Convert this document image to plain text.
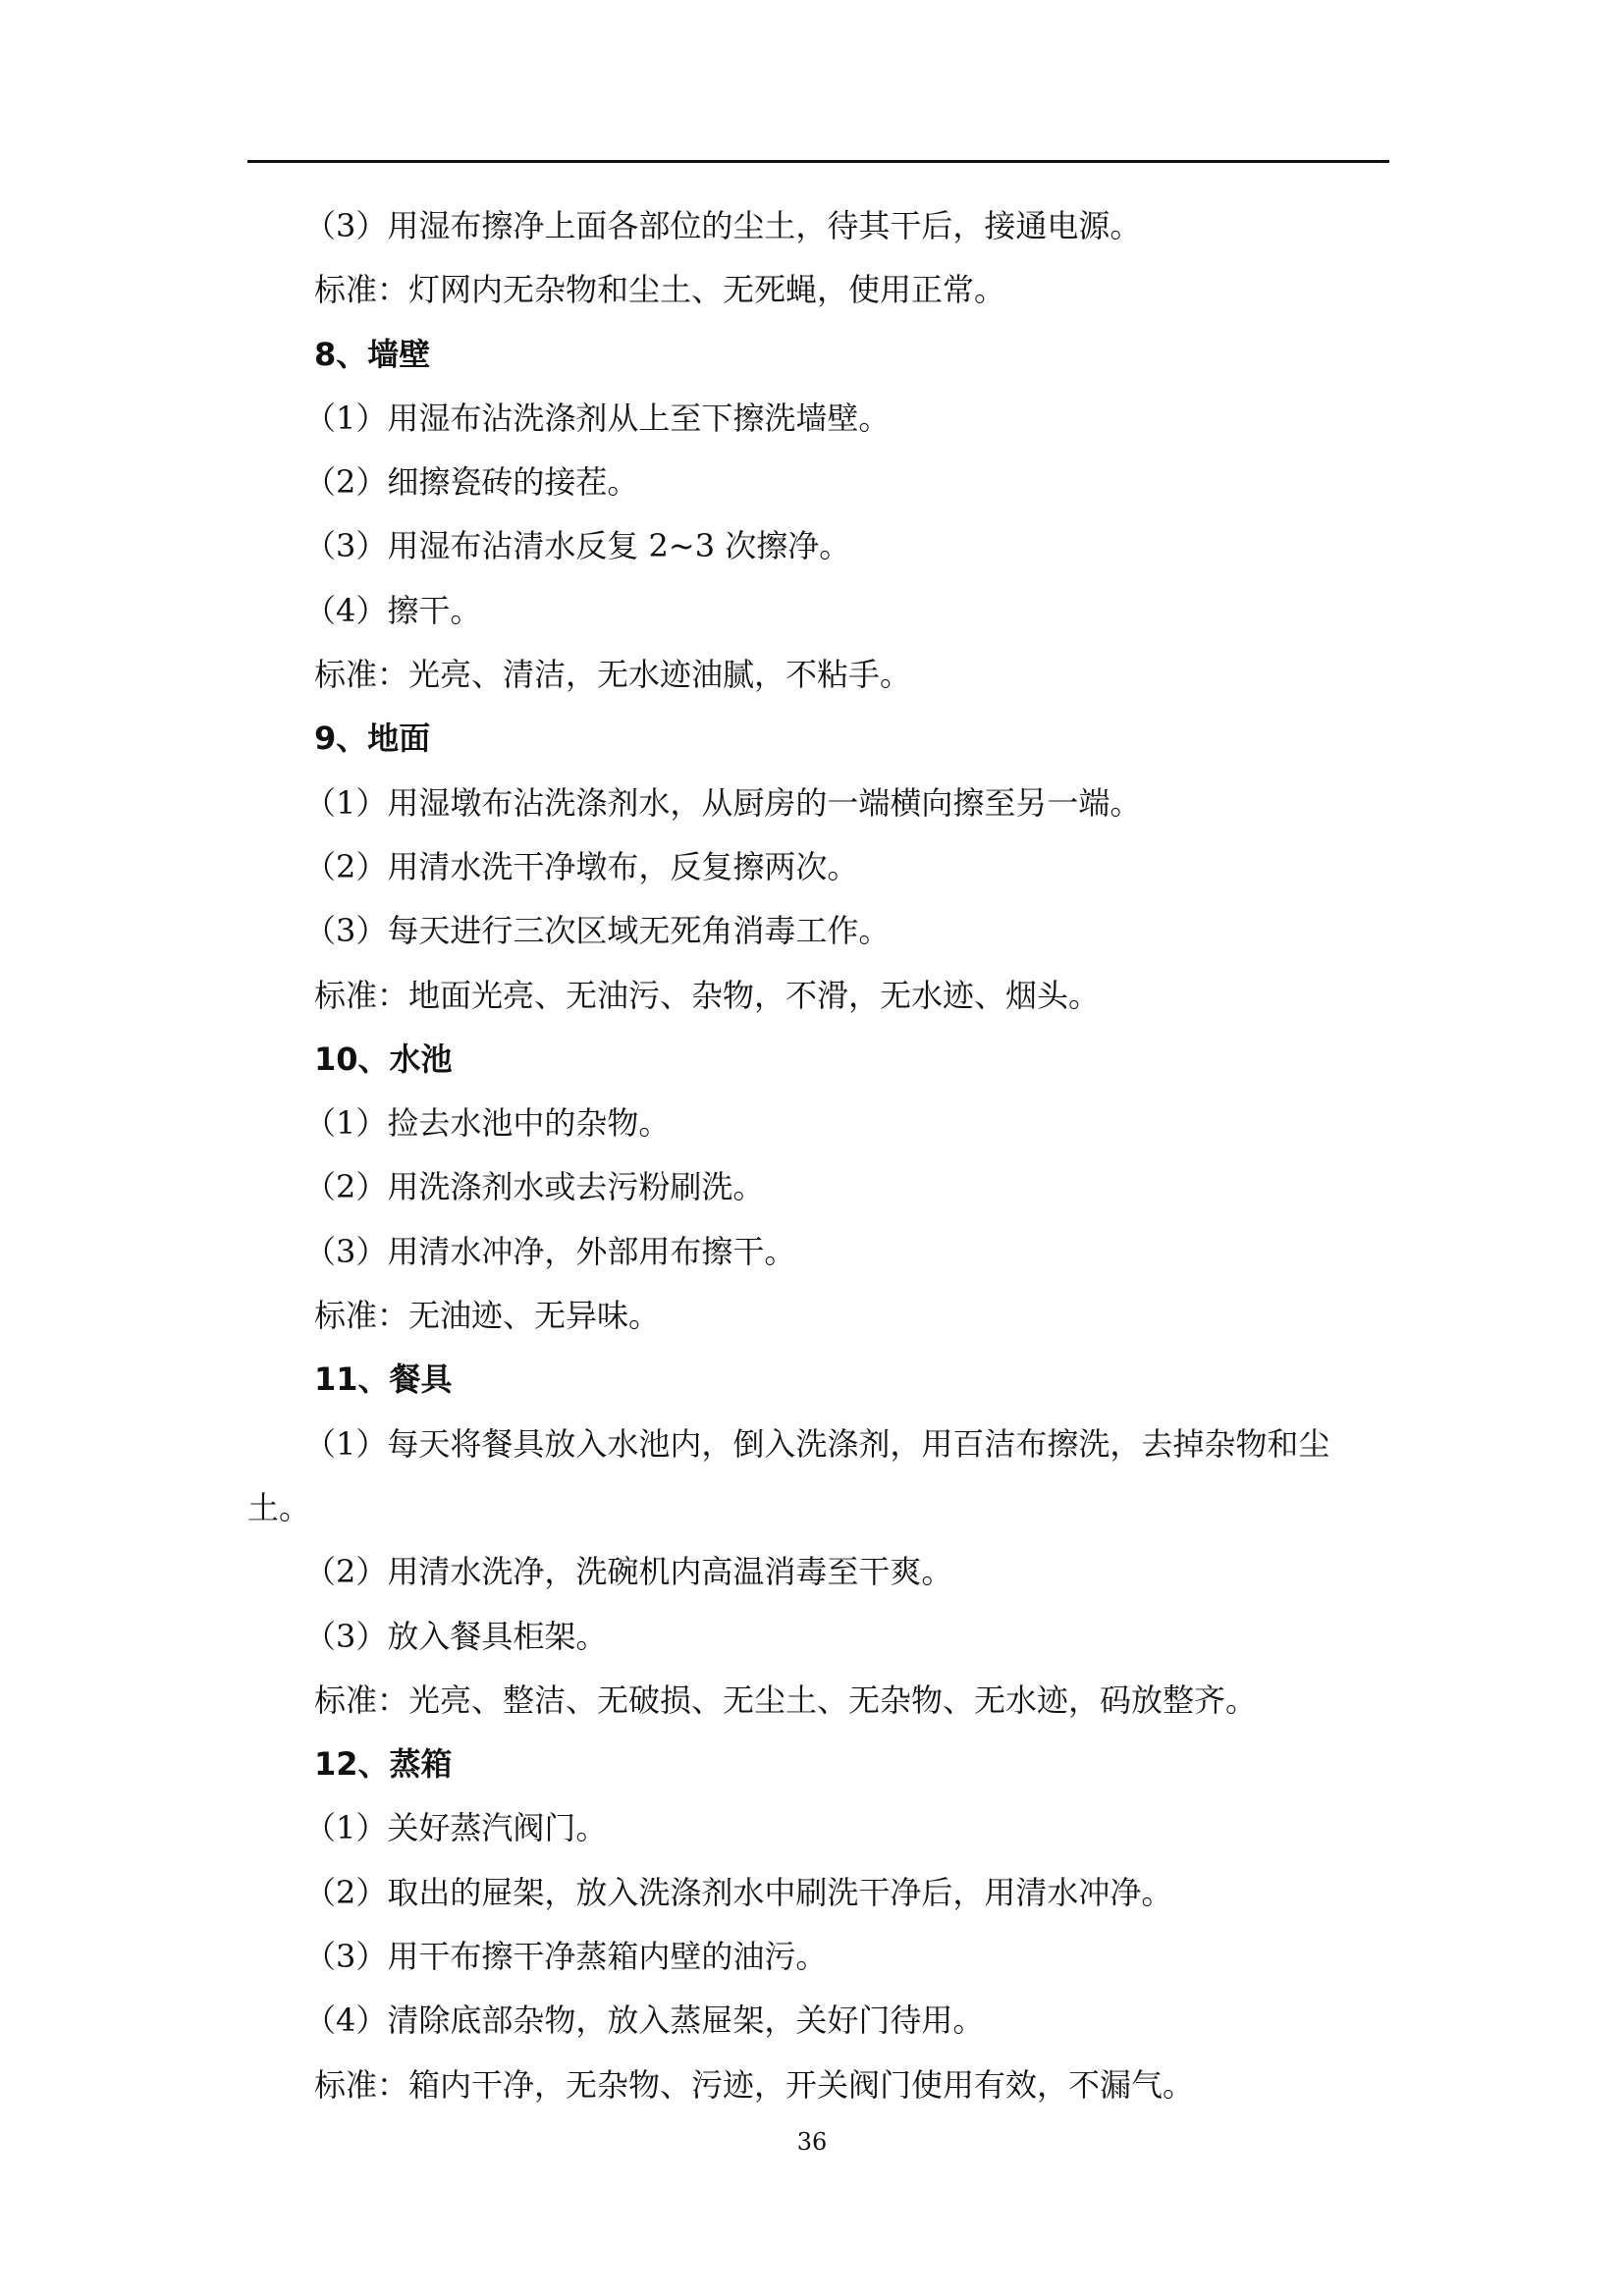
（3）用湿布擦净上面各部位的尘土，待其干后，接通电源。
标准：灯网内无杂物和尘土、无死蝇，使用正常。
8、墙壁
（1）用湿布沾洗涤剂从上至下擦洗墙壁。
（2）细擦瓷砖的接茬。
（3）用湿布沾清水反复 2~3 次擦净。
（4）擦干。
标准：光亮、清洁，无水迹油腻，不粘手。
9、地面
（1）用湿墩布沾洗涤剂水，从厨房的一端横向擦至另一端。
（2）用清水洗干净墩布，反复擦两次。
（3）每天进行三次区域无死角消毒工作。
标准：地面光亮、无油污、杂物，不滑，无水迹、烟头。
10、水池
（1）捡去水池中的杂物。
（2）用洗涤剂水或去污粉刷洗。
（3）用清水冲净，外部用布擦干。
标准：无油迹、无异味。
11、餐具
（1）每天将餐具放入水池内，倒入洗涤剂，用百洁布擦洗，去掉杂物和尘
土。
（2）用清水洗净，洗碗机内高温消毒至干爽。
（3）放入餐具柜架。
标准：光亮、整洁、无破损、无尘土、无杂物、无水迹，码放整齐。
12、蒸箱
（1）关好蒸汽阀门。
（2）取出的屉架，放入洗涤剂水中刷洗干净后，用清水冲净。
（3）用干布擦干净蒸箱内壁的油污。
（4）清除底部杂物，放入蒸屉架，关好门待用。
标准：箱内干净，无杂物、污迹，开关阀门使用有效，不漏气。
36
